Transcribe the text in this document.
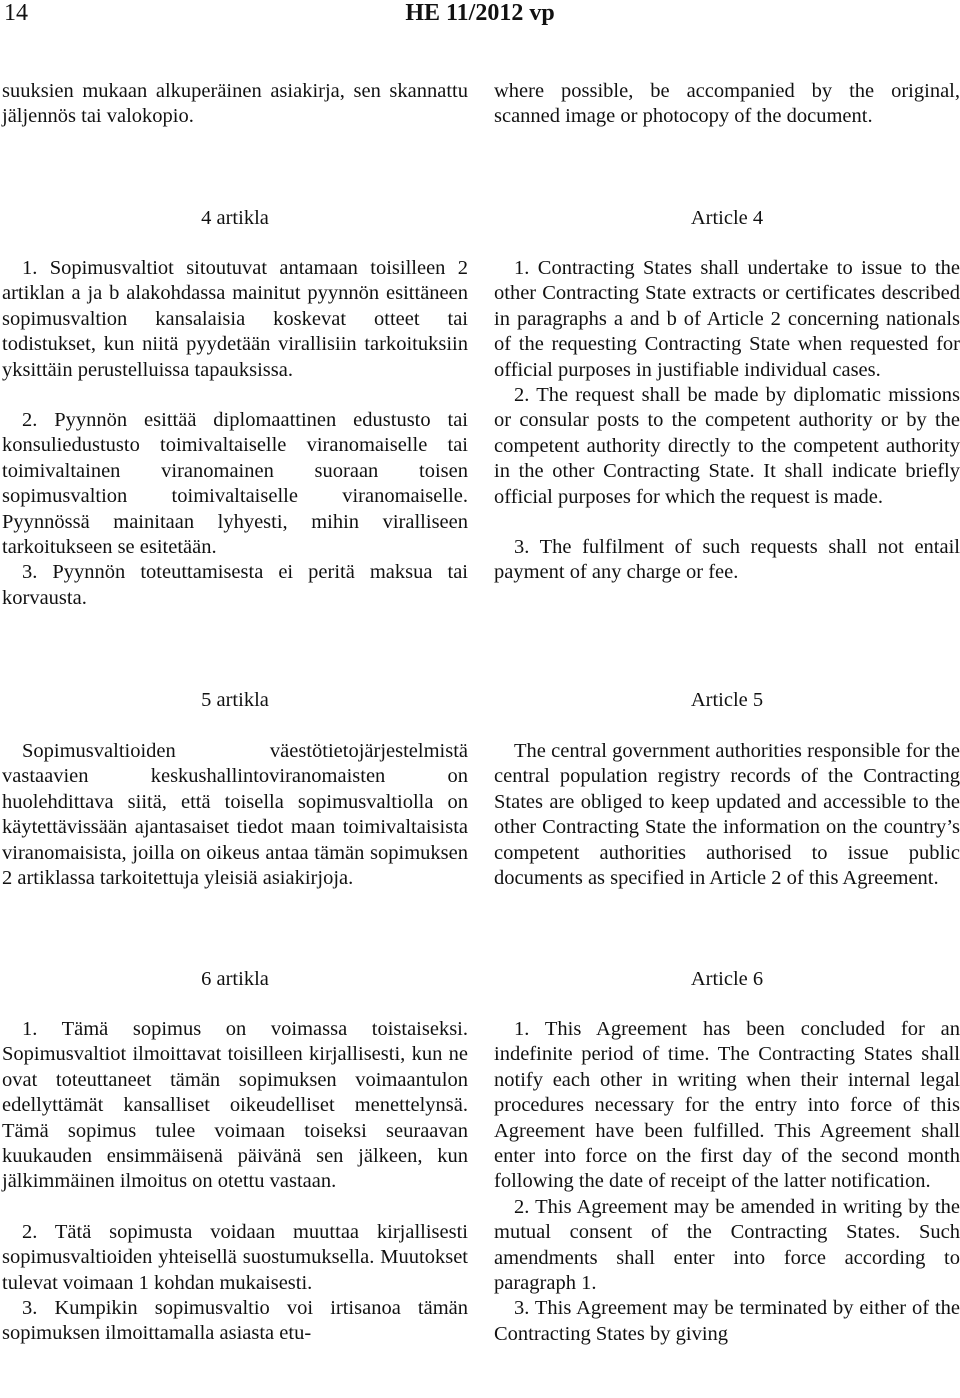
14	HE 11/2012 vp

suuksien mukaan alkuperäinen asiakirja, sen skannattu jäljennös tai valokopio.

4 artikla

1. Sopimusvaltiot sitoutuvat antamaan toisilleen 2 artiklan a ja b alakohdassa mainitut pyynnön esittäneen sopimusvaltion kansalaisia koskevat otteet tai todistukset, kun niitä pyydetään virallisiin tarkoituksiin yksittäin perustelluissa tapauksissa.

2. Pyynnön esittää diplomaattinen edustusto tai konsuliedustusto toimivaltaiselle viranomaiselle tai toimivaltainen viranomainen suoraan toisen sopimusvaltion toimivaltaiselle viranomaiselle. Pyynnössä mainitaan lyhyesti, mihin viralliseen tarkoitukseen se esitetään.

3. Pyynnön toteuttamisesta ei peritä maksua tai korvausta.

5 artikla

Sopimusvaltioiden väestötietojärjestelmistä vastaavien keskushallintoviranomaisten on huolehdittava siitä, että toisella sopimusvaltiolla on käytettävissään ajantasaiset tiedot maan toimivaltaisista viranomaisista, joilla on oikeus antaa tämän sopimuksen 2 artiklassa tarkoitettuja yleisiä asiakirjoja.

6 artikla

1. Tämä sopimus on voimassa toistaiseksi. Sopimusvaltiot ilmoittavat toisilleen kirjallisesti, kun ne ovat toteuttaneet tämän sopimuksen voimaantulon edellyttämät kansalliset oikeudelliset menettelynsä. Tämä sopimus tulee voimaan toiseksi seuraavan kuukauden ensimmäisenä päivänä sen jälkeen, kun jälkimmäinen ilmoitus on otettu vastaan.

2. Tätä sopimusta voidaan muuttaa kirjallisesti sopimusvaltioiden yhteisellä suostumuksella. Muutokset tulevat voimaan 1 kohdan mukaisesti.

3. Kumpikin sopimusvaltio voi irtisanoa tämän sopimuksen ilmoittamalla asiasta etu-

where possible, be accompanied by the original, scanned image or photocopy of the document.

Article 4

1. Contracting States shall undertake to issue to the other Contracting State extracts or certificates described in paragraphs a and b of Article 2 concerning nationals of the requesting Contracting State when requested for official purposes in justifiable individual cases.

2. The request shall be made by diplomatic missions or consular posts to the competent authority or by the competent authority directly to the competent authority in the other Contracting State. It shall indicate briefly official purposes for which the request is made.

3. The fulfilment of such requests shall not entail payment of any charge or fee.

Article 5

The central government authorities responsible for the central population registry records of the Contracting States are obliged to keep updated and accessible to the other Contracting State the information on the country’s competent authorities authorised to issue public documents as specified in Article 2 of this Agreement.

Article 6

1. This Agreement has been concluded for an indefinite period of time. The Contracting States shall notify each other in writing when their internal legal procedures necessary for the entry into force of this Agreement have been fulfilled. This Agreement shall enter into force on the first day of the second month following the date of receipt of the latter notification.

2. This Agreement may be amended in writing by the mutual consent of the Contracting States. Such amendments shall enter into force according to paragraph 1.

3. This Agreement may be terminated by either of the Contracting States by giving
